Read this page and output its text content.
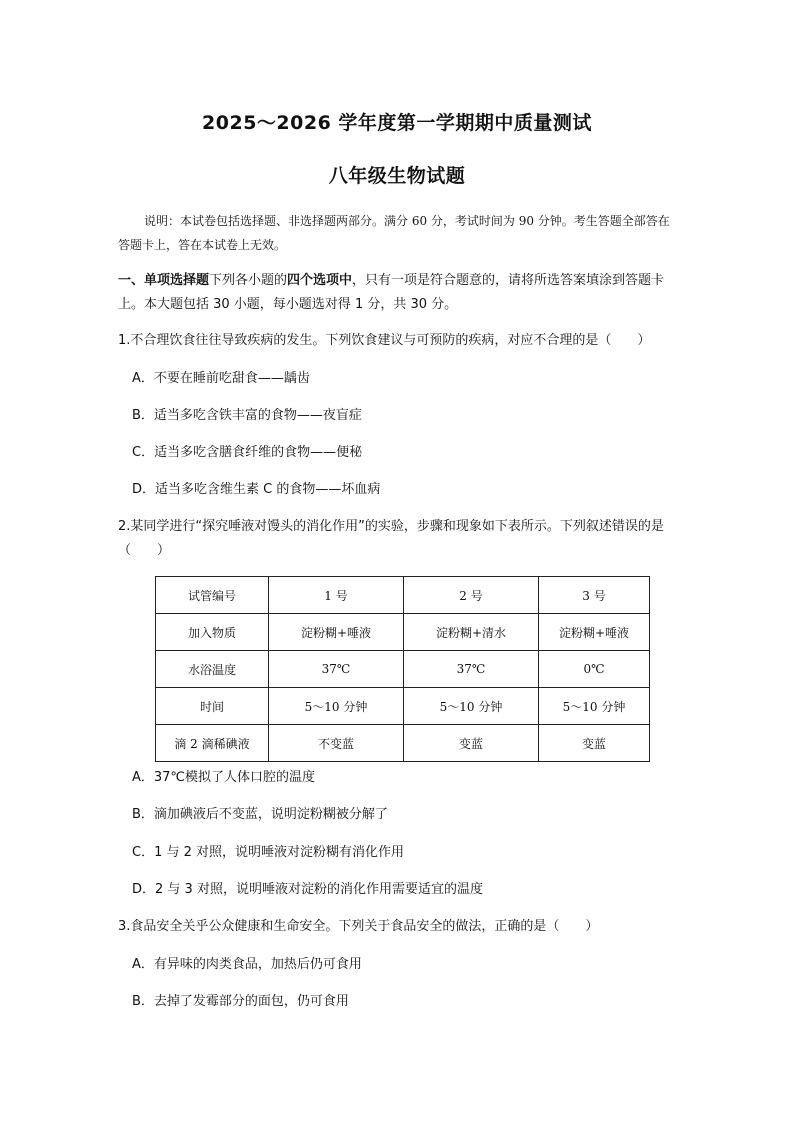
2025～2026 学年度第一学期期中质量测试
八年级生物试题
说明：本试卷包括选择题、非选择题两部分。满分 60 分，考试时间为 90 分钟。考生答题全部答在答题卡上，答在本试卷上无效。
一、单项选择题下列各小题的四个选项中，只有一项是符合题意的，请将所选答案填涂到答题卡上。本大题包括 30 小题，每小题选对得 1 分，共 30 分。
1.不合理饮食往往导致疾病的发生。下列饮食建议与可预防的疾病，对应不合理的是（　　）
A．不要在睡前吃甜食——龋齿
B．适当多吃含铁丰富的食物——夜盲症
C．适当多吃含膳食纤维的食物——便秘
D．适当多吃含维生素 C 的食物——坏血病
2.某同学进行“探究唾液对馒头的消化作用”的实验，步骤和现象如下表所示。下列叙述错误的是（　　）
试管编号	1 号	2 号	3 号
加入物质	淀粉糊+唾液	淀粉糊+清水	淀粉糊+唾液
水浴温度	37℃	37℃	0℃
时间	5～10 分钟	5～10 分钟	5～10 分钟
滴 2 滴稀碘液	不变蓝	变蓝	变蓝
A．37℃模拟了人体口腔的温度
B．滴加碘液后不变蓝，说明淀粉糊被分解了
C．1 与 2 对照，说明唾液对淀粉糊有消化作用
D．2 与 3 对照，说明唾液对淀粉的消化作用需要适宜的温度
3.食品安全关乎公众健康和生命安全。下列关于食品安全的做法，正确的是（　　）
A．有异味的肉类食品，加热后仍可食用
B．去掉了发霉部分的面包，仍可食用
